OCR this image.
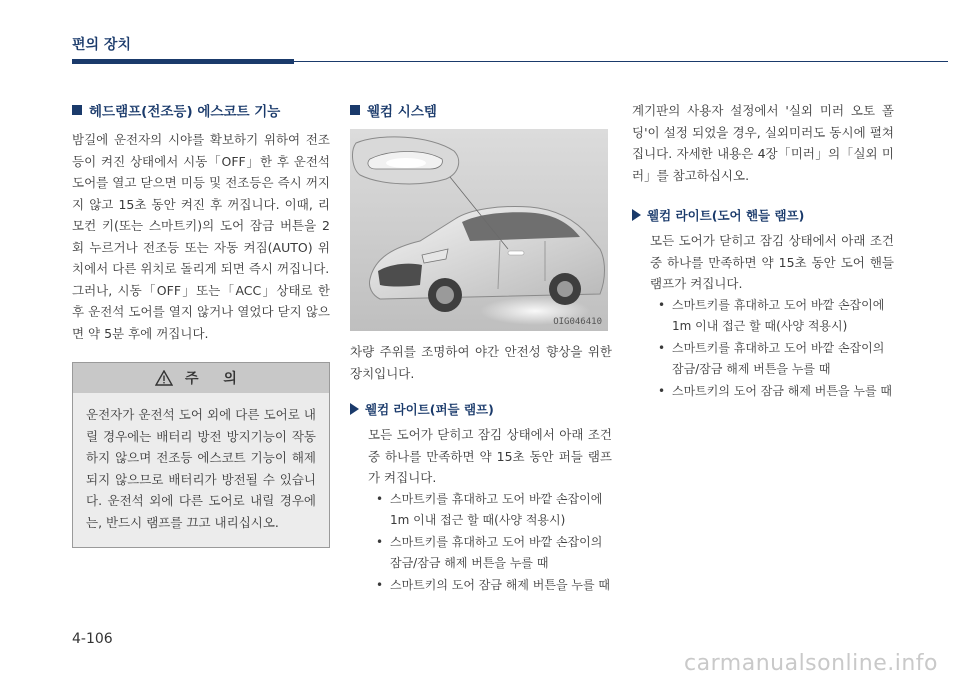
편의 장치
헤드램프(전조등) 에스코트 기능

밤길에 운전자의 시야를 확보하기 위하여 전조등이 켜진 상태에서 시동「OFF」한 후 운전석 도어를 열고 닫으면 미등 및 전조등은 즉시 꺼지지 않고 15초 동안 켜진 후 꺼집니다. 이때, 리모컨 키(또는 스마트키)의 도어 잠금 버튼을 2회 누르거나 전조등 또는 자동 켜짐(AUTO) 위치에서 다른 위치로 돌리게 되면 즉시 꺼집니다.

그러나, 시동「OFF」또는「ACC」상태로 한 후 운전석 도어를 열지 않거나 열었다 닫지 않으면 약 5분 후에 꺼집니다.

주 의
운전자가 운전석 도어 외에 다른 도어로 내릴 경우에는 배터리 방전 방지기능이 작동하지 않으며 전조등 에스코트 기능이 해제되지 않으므로 배터리가 방전될 수 있습니다. 운전석 외에 다른 도어로 내릴 경우에는, 반드시 램프를 끄고 내리십시오.
웰컴 시스템
OIG046410

차량 주위를 조명하여 야간 안전성 향상을 위한 장치입니다.

웰컴 라이트(퍼들 램프)

모든 도어가 닫히고 잠김 상태에서 아래 조건 중 하나를 만족하면 약 15초 동안 퍼들 램프가 켜집니다.

• 스마트키를 휴대하고 도어 바깥 손잡이에 1m 이내 접근 할 때(사양 적용시)
• 스마트키를 휴대하고 도어 바깥 손잡이의 잠금/잠금 해제 버튼을 누를 때
• 스마트키의 도어 잠금 해제 버튼을 누를 때

계기판의 사용자 설정에서 '실외 미러 오토 폴딩'이 설정 되었을 경우, 실외미러도 동시에 펼쳐집니다. 자세한 내용은 4장「미러」의「실외 미러」를 참고하십시오.

웰컴 라이트(도어 핸들 램프)

모든 도어가 닫히고 잠김 상태에서 아래 조건 중 하나를 만족하면 약 15초 동안 도어 핸들 램프가 켜집니다.

• 스마트키를 휴대하고 도어 바깥 손잡이에 1m 이내 접근 할 때(사양 적용시)
• 스마트키를 휴대하고 도어 바깥 손잡이의 잠금/잠금 해제 버튼을 누를 때
• 스마트키의 도어 잠금 해제 버튼을 누를 때
4-106
carmanualsonline.info
